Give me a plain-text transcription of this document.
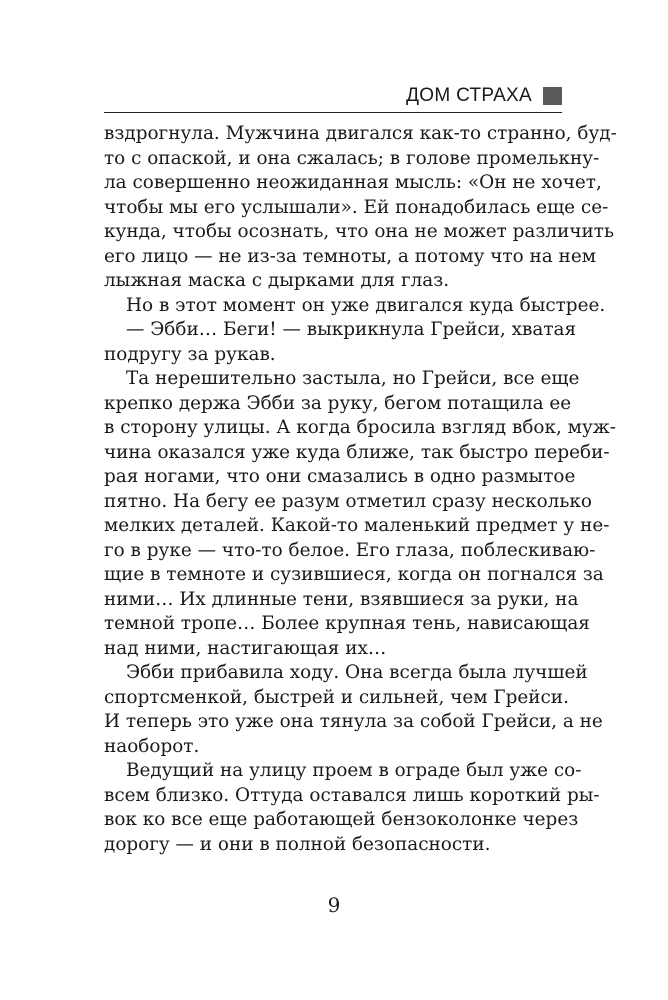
ДОМ СТРАХА
вздрогнула. Мужчина двигался как-то странно, буд-
то с опаской, и она сжалась; в голове промелькну-
ла совершенно неожиданная мысль: «Он не хочет,
чтобы мы его услышали». Ей понадобилась еще се-
кунда, чтобы осознать, что она не может различить
его лицо — не из-за темноты, а потому что на нем
лыжная маска с дырками для глаз.
Но в этот момент он уже двигался куда быстрее.
— Эбби… Беги! — выкрикнула Грейси, хватая
подругу за рукав.
Та нерешительно застыла, но Грейси, все еще
крепко держа Эбби за руку, бегом потащила ее
в сторону улицы. А когда бросила взгляд вбок, муж-
чина оказался уже куда ближе, так быстро переби-
рая ногами, что они смазались в одно размытое
пятно. На бегу ее разум отметил сразу несколько
мелких деталей. Какой-то маленький предмет у не-
го в руке — что-то белое. Его глаза, поблескиваю-
щие в темноте и сузившиеся, когда он погнался за
ними… Их длинные тени, взявшиеся за руки, на
темной тропе… Более крупная тень, нависающая
над ними, настигающая их…
Эбби прибавила ходу. Она всегда была лучшей
спортсменкой, быстрей и сильней, чем Грейси.
И теперь это уже она тянула за собой Грейси, а не
наоборот.
Ведущий на улицу проем в ограде был уже со-
всем близко. Оттуда оставался лишь короткий ры-
вок ко все еще работающей бензоколонке через
дорогу — и они в полной безопасности.
9
